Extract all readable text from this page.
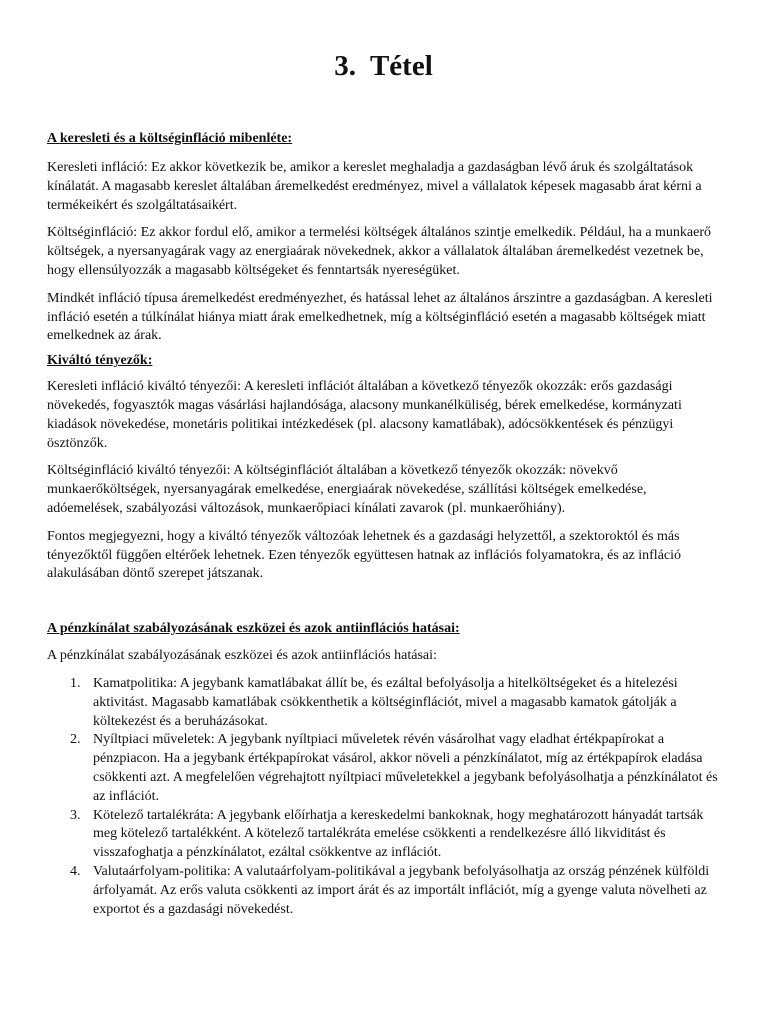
3. Tétel

A keresleti és a költséginfláció mibenléte:

Keresleti infláció: Ez akkor következik be, amikor a kereslet meghaladja a gazdaságban lévő áruk és szolgáltatások kínálatát. A magasabb kereslet általában áremelkedést eredményez, mivel a vállalatok képesek magasabb árat kérni a termékeikért és szolgáltatásaikért.

Költséginfláció: Ez akkor fordul elő, amikor a termelési költségek általános szintje emelkedik. Például, ha a munkaerő költségek, a nyersanyagárak vagy az energiaárak növekednek, akkor a vállalatok általában áremelkedést vezetnek be, hogy ellensúlyozzák a magasabb költségeket és fenntartsák nyereségüket.

Mindkét infláció típusa áremelkedést eredményezhet, és hatással lehet az általános árszintre a gazdaságban. A keresleti infláció esetén a túlkínálat hiánya miatt árak emelkedhetnek, míg a költséginfláció esetén a magasabb költségek miatt emelkednek az árak.

Kiváltó tényezők:

Keresleti infláció kiváltó tényezői: A keresleti inflációt általában a következő tényezők okozzák: erős gazdasági növekedés, fogyasztók magas vásárlási hajlandósága, alacsony munkanélküliség, bérek emelkedése, kormányzati kiadások növekedése, monetáris politikai intézkedések (pl. alacsony kamatlábak), adócsökkentések és pénzügyi ösztönzők.

Költséginfláció kiváltó tényezői: A költséginflációt általában a következő tényezők okozzák: növekvő munkaerőköltségek, nyersanyagárak emelkedése, energiaárak növekedése, szállítási költségek emelkedése, adóemelések, szabályozási változások, munkaerőpiaci kínálati zavarok (pl. munkaerőhiány).

Fontos megjegyezni, hogy a kiváltó tényezők változóak lehetnek és a gazdasági helyzettől, a szektoroktól és más tényezőktől függően eltérőek lehetnek. Ezen tényezők együttesen hatnak az inflációs folyamatokra, és az infláció alakulásában döntő szerepet játszanak.

A pénzkínálat szabályozásának eszközei és azok antiinflációs hatásai:

A pénzkínálat szabályozásának eszközei és azok antiinflációs hatásai:

1. Kamatpolitika: A jegybank kamatlábakat állít be, és ezáltal befolyásolja a hitelköltségeket és a hitelezési aktivitást. Magasabb kamatlábak csökkenthetik a költséginflációt, mivel a magasabb kamatok gátolják a költekezést és a beruházásokat.
2. Nyíltpiaci műveletek: A jegybank nyíltpiaci műveletek révén vásárolhat vagy eladhat értékpapírokat a pénzpiacon. Ha a jegybank értékpapírokat vásárol, akkor növeli a pénzkínálatot, míg az értékpapírok eladása csökkenti azt. A megfelelően végrehajtott nyíltpiaci műveletekkel a jegybank befolyásolhatja a pénzkínálatot és az inflációt.
3. Kötelező tartalékráta: A jegybank előírhatja a kereskedelmi bankoknak, hogy meghatározott hányadát tartsák meg kötelező tartalékként. A kötelező tartalékráta emelése csökkenti a rendelkezésre álló likviditást és visszafoghatja a pénzkínálatot, ezáltal csökkentve az inflációt.
4. Valutaárfolyam-politika: A valutaárfolyam-politikával a jegybank befolyásolhatja az ország pénzének külföldi árfolyamát. Az erős valuta csökkenti az import árát és az importált inflációt, míg a gyenge valuta növelheti az exportot és a gazdasági növekedést.
